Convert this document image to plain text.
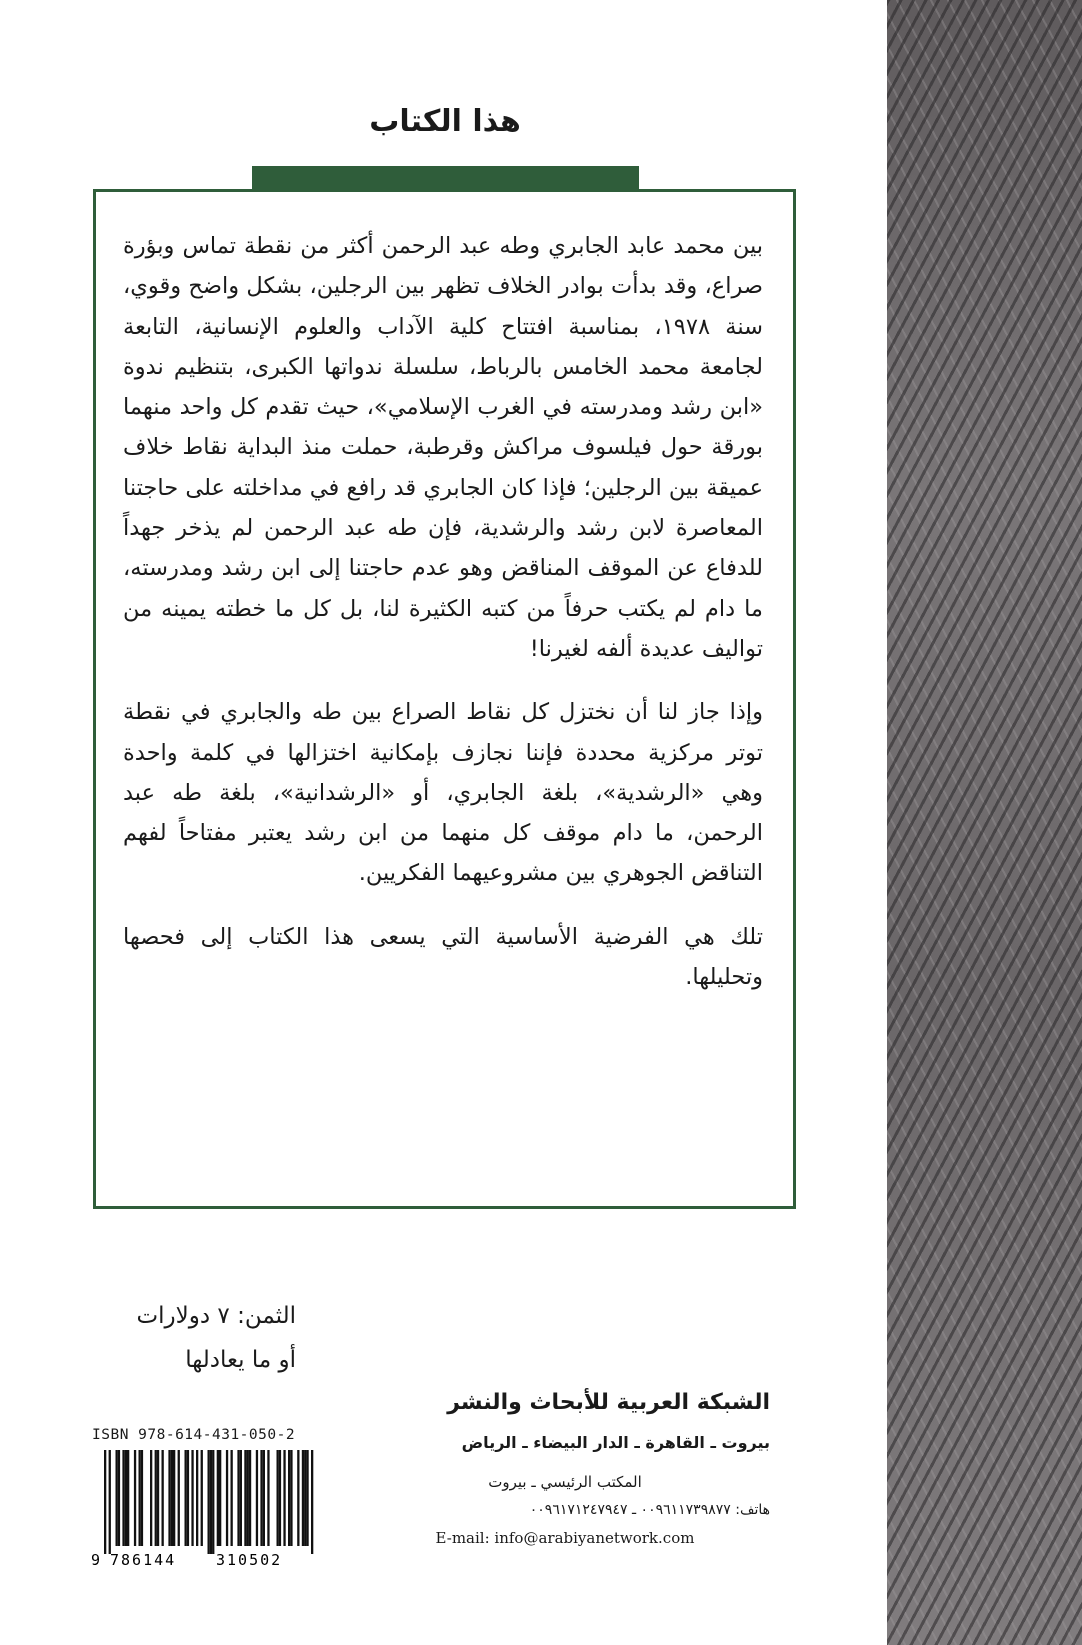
هذا الكتاب

بين محمد عابد الجابري وطه عبد الرحمن أكثر من نقطة تماس وبؤرة صراع، وقد بدأت بوادر الخلاف تظهر بين الرجلين، بشكل واضح وقوي، سنة ١٩٧٨، بمناسبة افتتاح كلية الآداب والعلوم الإنسانية، التابعة لجامعة محمد الخامس بالرباط، سلسلة ندواتها الكبرى، بتنظيم ندوة «ابن رشد ومدرسته في الغرب الإسلامي»، حيث تقدم كل واحد منهما بورقة حول فيلسوف مراكش وقرطبة، حملت منذ البداية نقاط خلاف عميقة بين الرجلين؛ فإذا كان الجابري قد رافع في مداخلته على حاجتنا المعاصرة لابن رشد والرشدية، فإن طه عبد الرحمن لم يذخر جهداً للدفاع عن الموقف المناقض وهو عدم حاجتنا إلى ابن رشد ومدرسته، ما دام لم يكتب حرفاً من كتبه الكثيرة لنا، بل كل ما خطته يمينه من تواليف عديدة ألفه لغيرنا!

وإذا جاز لنا أن نختزل كل نقاط الصراع بين طه والجابري في نقطة توتر مركزية محددة فإننا نجازف بإمكانية اختزالها في كلمة واحدة وهي «الرشدية»، بلغة الجابري، أو «الرشدانية»، بلغة طه عبد الرحمن، ما دام موقف كل منهما من ابن رشد يعتبر مفتاحاً لفهم التناقض الجوهري بين مشروعيهما الفكريين.

تلك هي الفرضية الأساسية التي يسعى هذا الكتاب إلى فحصها وتحليلها.

الثمن: ٧ دولارات
أو ما يعادلها
الشبكة العربية للأبحاث والنشر
بيروت ـ القاهرة ـ الدار البيضاء ـ الرياض
المكتب الرئيسي ـ بيروت
هاتف: ٠٠٩٦١١٧٣٩٨٧٧ ـ ٠٠٩٦١٧١٢٤٧٩٤٧
E-mail: info@arabiyanetwork.com
ISBN 978-614-431-050-2
9 786144	310502
